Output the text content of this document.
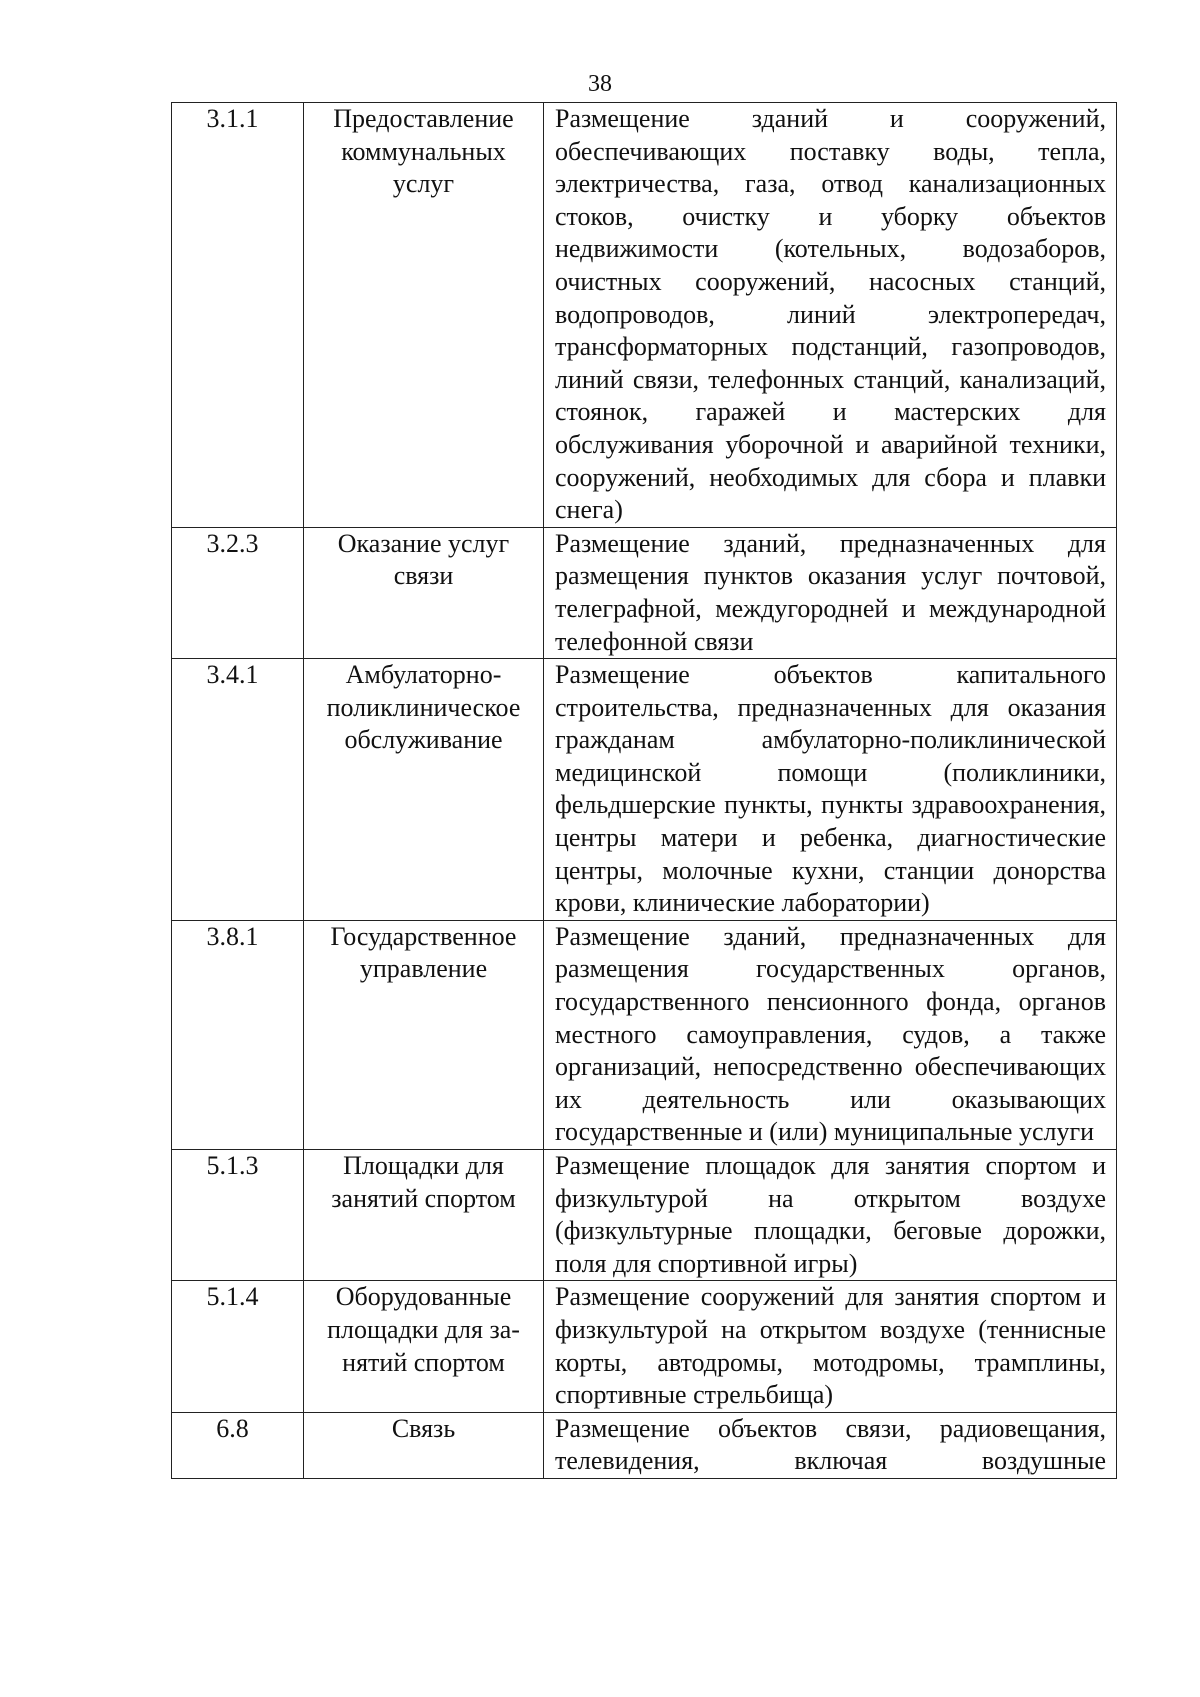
38
3.1.1	Предоставление коммунальных услуг	Размещение зданий и сооружений, обеспечивающих поставку воды, тепла, электричества, газа, отвод канализационных стоков, очистку и уборку объектов недвижимости (котельных, водозаборов, очистных сооружений, насосных станций, водопроводов, линий электропередач, трансформаторных подстанций, газопроводов, линий связи, телефонных станций, канализаций, стоянок, гаражей и мастерских для обслуживания уборочной и аварийной техники, сооружений, необходимых для сбора и плавки снега)
3.2.3	Оказание услуг связи	Размещение зданий, предназначенных для размещения пунктов оказания услуг почтовой, телеграфной, междугородней и международной телефонной связи
3.4.1	Амбулаторно-поликлиническое обслуживание	Размещение объектов капитального строительства, предназначенных для оказания гражданам амбулаторно-поликлинической медицинской помощи (поликлиники, фельдшерские пункты, пункты здравоохранения, центры матери и ребенка, диагностические центры, молочные кухни, станции донорства крови, клинические лаборатории)
3.8.1	Государственное управление	Размещение зданий, предназначенных для размещения государственных органов, государственного пенсионного фонда, органов местного самоуправления, судов, а также организаций, непосредственно обеспечивающих их деятельность или оказывающих государственные и (или) муниципальные услуги
5.1.3	Площадки для занятий спортом	Размещение площадок для занятия спортом и физкультурой на открытом воздухе (физкультурные площадки, беговые дорожки, поля для спортивной игры)
5.1.4	Оборудованные площадки для за-нятий спортом	Размещение сооружений для занятия спортом и физкультурой на открытом воздухе (теннисные корты, автодромы, мотодромы, трамплины, спортивные стрельбища)
6.8	Связь	Размещение объектов связи, радиовещания, телевидения, включая воздушные
